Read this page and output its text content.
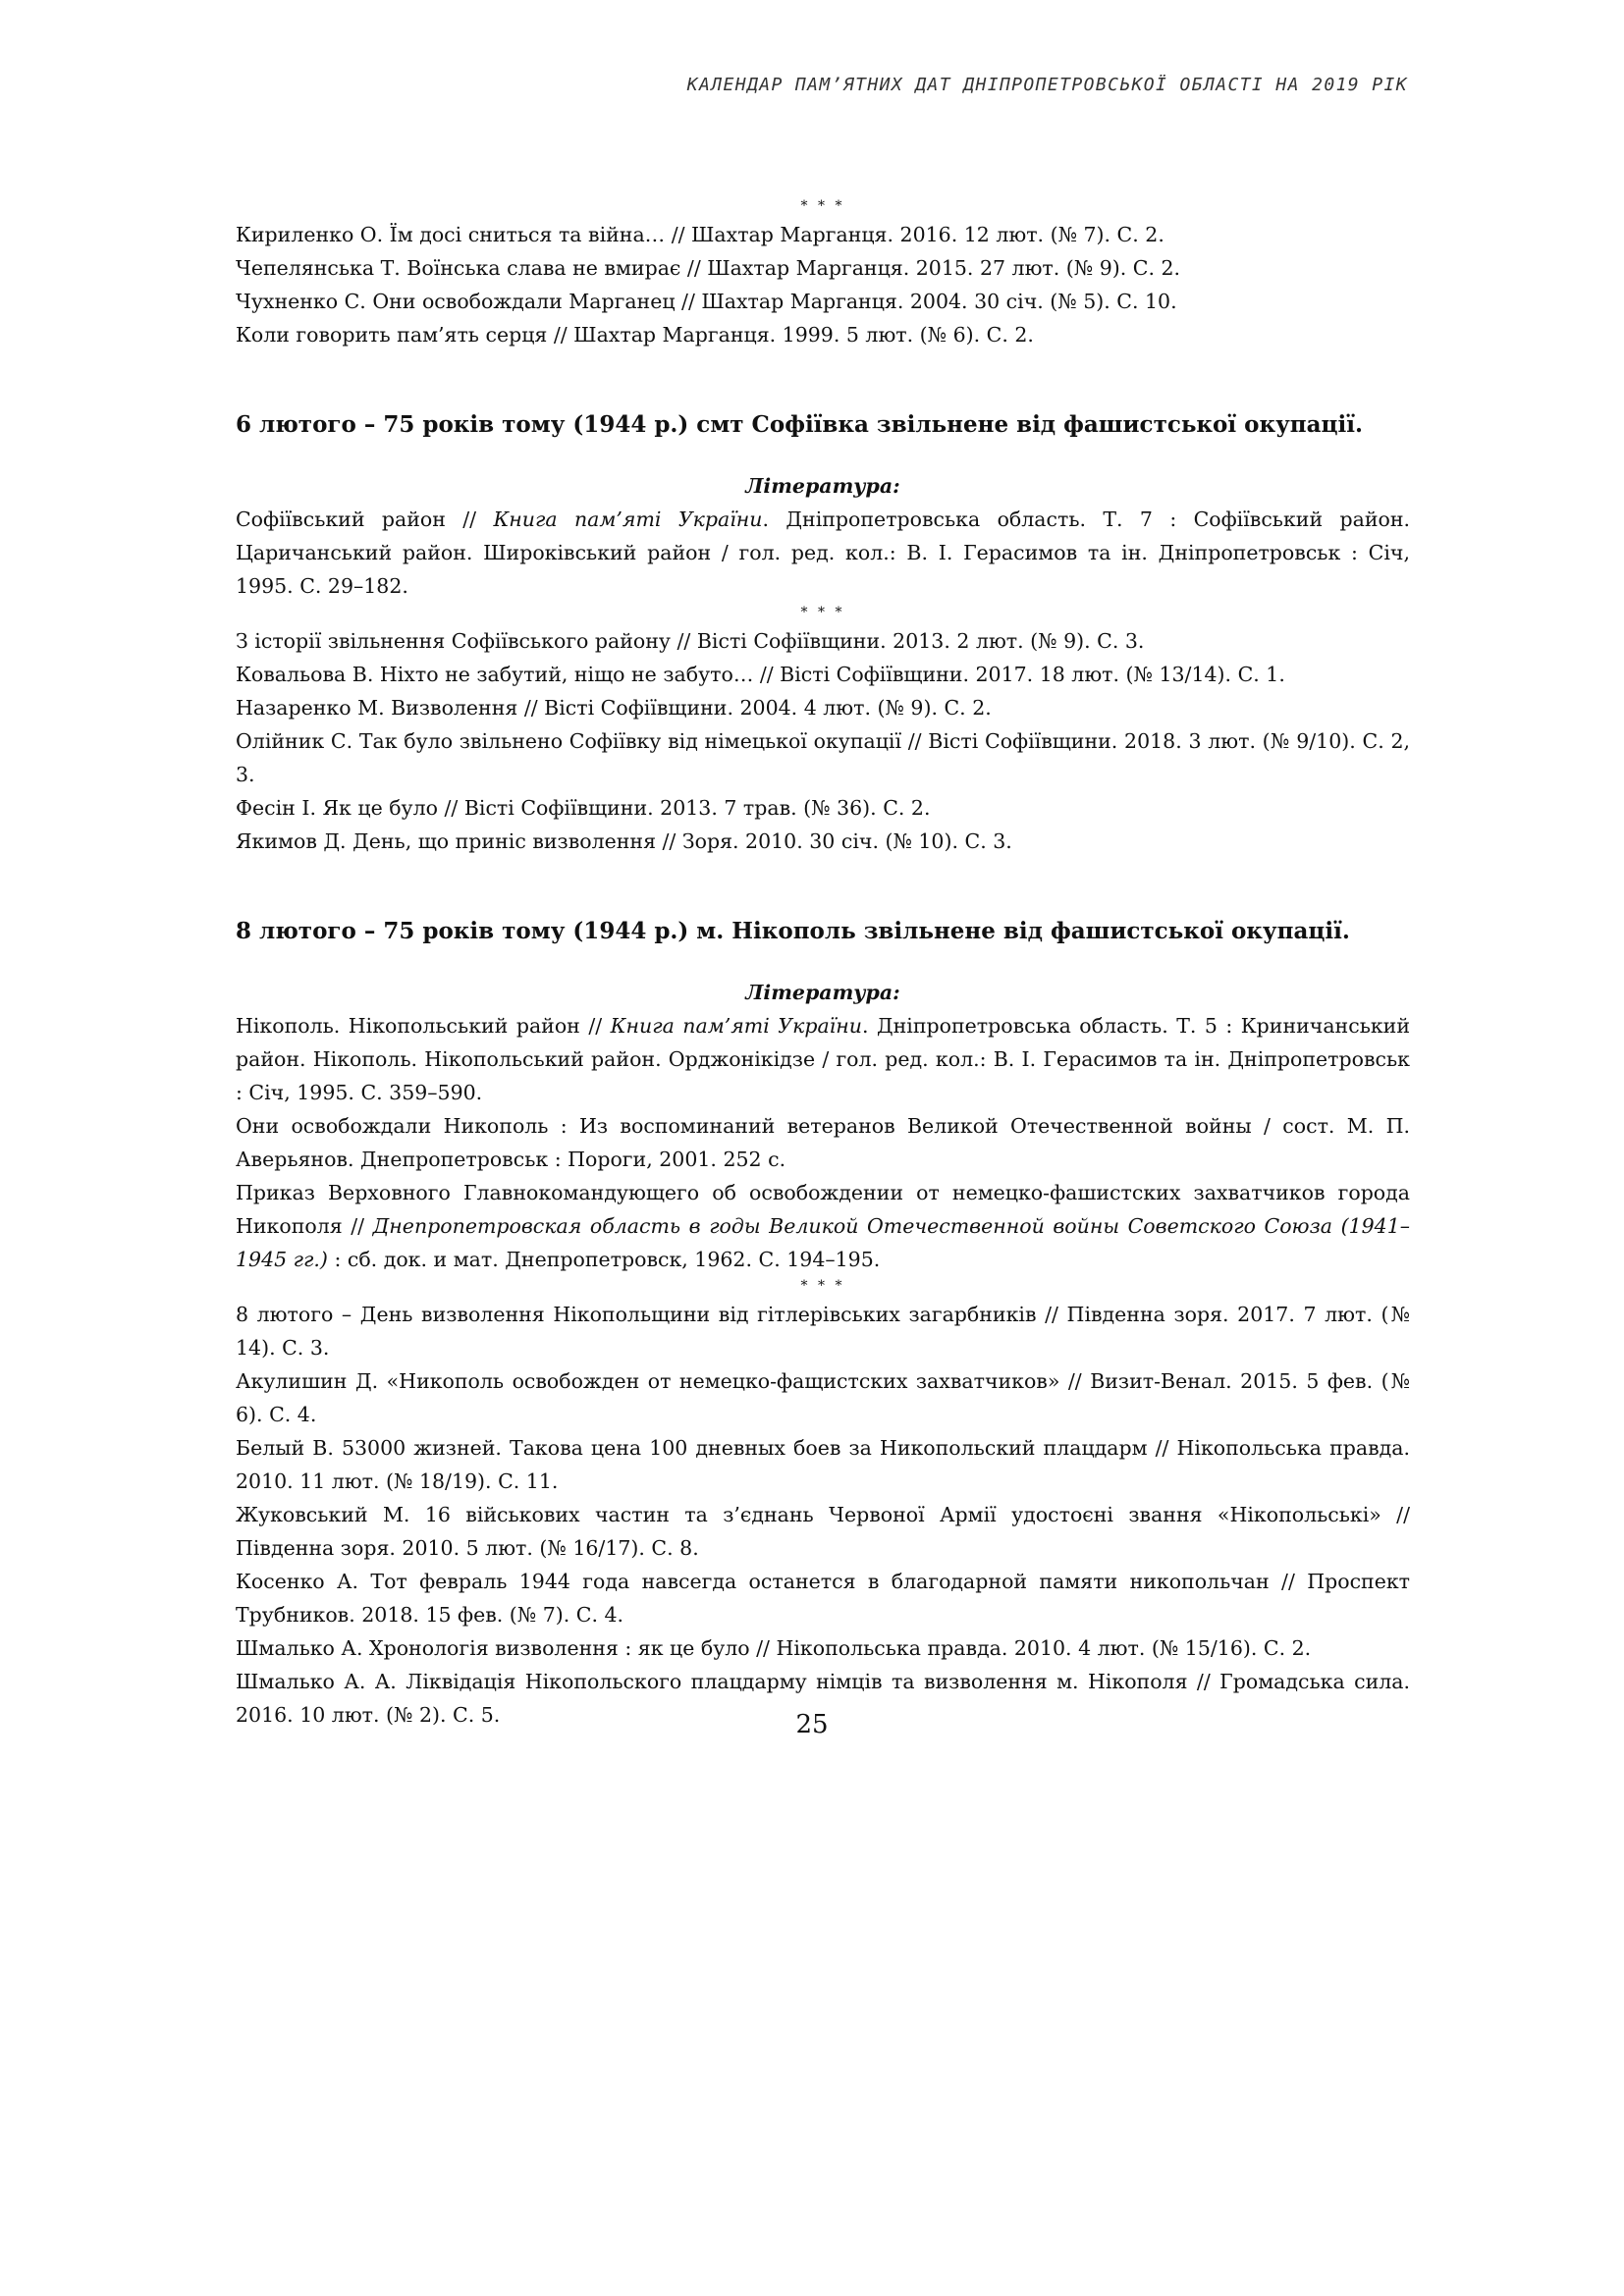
КАЛЕНДАР ПАМ’ЯТНИХ ДАТ ДНІПРОПЕТРОВСЬКОЇ ОБЛАСТІ НА 2019 РІК

* * *

Кириленко О. Їм досі сниться та війна… // Шахтар Марганця. 2016. 12 лют. (№ 7). С. 2.

Чепелянська Т. Воїнська слава не вмирає // Шахтар Марганця. 2015. 27 лют. (№ 9). С. 2.

Чухненко С. Они освобождали Марганец // Шахтар Марганця. 2004. 30 січ. (№ 5). С. 10.

Коли говорить пам’ять серця // Шахтар Марганця. 1999. 5 лют. (№ 6). С. 2.

6 лютого – 75 років тому (1944 р.) смт Софіївка звільнене від фашистської окупації.

Література:

Софіївський район // Книга пам’яті України. Дніпропетровська область. Т. 7 : Софіївський район. Царичанський район. Широківський район / гол. ред. кол.: В. І. Герасимов та ін. Дніпропетровськ : Січ, 1995. С. 29–182.

* * *

З історії звільнення Софіївського району // Вісті Софіївщини. 2013. 2 лют. (№ 9). С. 3.

Ковальова В. Ніхто не забутий, ніщо не забуто… // Вісті Софіївщини. 2017. 18 лют. (№ 13/14). С. 1.

Назаренко М. Визволення // Вісті Софіївщини. 2004. 4 лют. (№ 9). С. 2.

Олійник С. Так було звільнено Софіївку від німецької окупації // Вісті Софіївщини. 2018. 3 лют. (№ 9/10). С. 2, 3.

Фесін І. Як це було // Вісті Софіївщини. 2013. 7 трав. (№ 36). С. 2.

Якимов Д. День, що приніс визволення // Зоря. 2010. 30 січ. (№ 10). С. 3.

8 лютого – 75 років тому (1944 р.) м. Нікополь звільнене від фашистської окупації.

Література:

Нікополь. Нікопольський район // Книга пам’яті України. Дніпропетровська область. Т. 5 : Криничанський район. Нікополь. Нікопольський район. Орджонікідзе / гол. ред. кол.: В. І. Герасимов та ін. Дніпропетровськ : Січ, 1995. С. 359–590.

Они освобождали Никополь : Из воспоминаний ветеранов Великой Отечественной войны / сост. М. П. Аверьянов. Днепропетровськ : Пороги, 2001. 252 с.

Приказ Верховного Главнокомандующего об освобождении от немецко-фашистских захватчиков города Никополя // Днепропетровская область в годы Великой Отечественной войны Советского Союза (1941–1945 гг.) : сб. док. и мат. Днепропетровск, 1962. С. 194–195.

* * *

8 лютого – День визволення Нікопольщини від гітлерівських загарбників // Південна зоря. 2017. 7 лют. (№ 14). С. 3.

Акулишин Д. «Никополь освобожден от немецко-фащистских захватчиков» // Визит-Венал. 2015. 5 фев. (№ 6). С. 4.

Белый В. 53000 жизней. Такова цена 100 дневных боев за Никопольский плацдарм // Нікопольська правда. 2010. 11 лют. (№ 18/19). С. 11.

Жуковський М. 16 військових частин та з’єднань Червоної Армії удостоєні звання «Нікопольські» // Південна зоря. 2010. 5 лют. (№ 16/17). С. 8.

Косенко А. Тот февраль 1944 года навсегда останется в благодарной памяти никопольчан // Проспект Трубников. 2018. 15 фев. (№ 7). С. 4.

Шмалько А. Хронологія визволення : як це було // Нікопольська правда. 2010. 4 лют. (№ 15/16). С. 2.

Шмалько А. А. Ліквідація Нікопольского плацдарму німців та визволення м. Нікополя // Громадська сила. 2016. 10 лют. (№ 2). С. 5.	25
